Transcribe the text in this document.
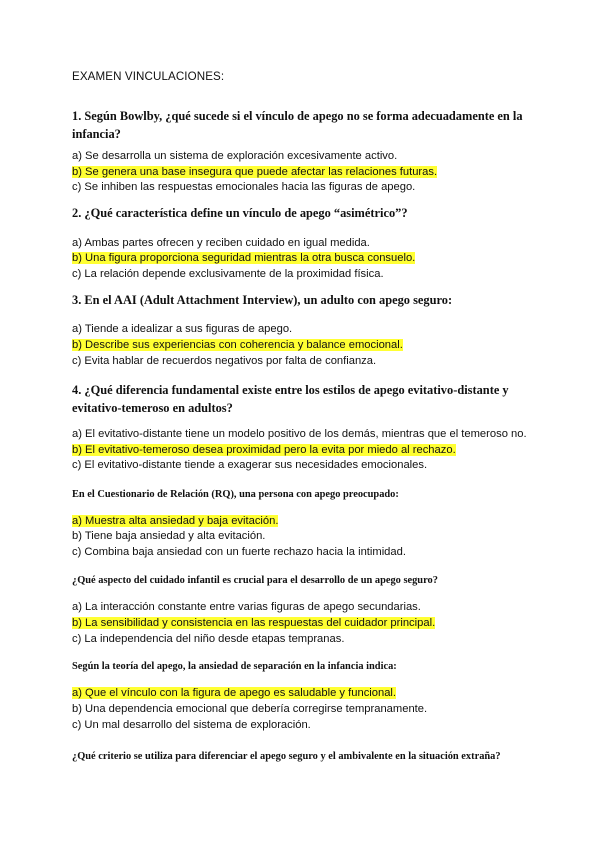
EXAMEN VINCULACIONES:
1. Según Bowlby, ¿qué sucede si el vínculo de apego no se forma adecuadamente en la infancia?
a) Se desarrolla un sistema de exploración excesivamente activo.
b) Se genera una base insegura que puede afectar las relaciones futuras.
c) Se inhiben las respuestas emocionales hacia las figuras de apego.
2. ¿Qué característica define un vínculo de apego “asimétrico”?
a) Ambas partes ofrecen y reciben cuidado en igual medida.
b) Una figura proporciona seguridad mientras la otra busca consuelo.
c) La relación depende exclusivamente de la proximidad física.
3. En el AAI (Adult Attachment Interview), un adulto con apego seguro:
a) Tiende a idealizar a sus figuras de apego.
b) Describe sus experiencias con coherencia y balance emocional.
c) Evita hablar de recuerdos negativos por falta de confianza.
4. ¿Qué diferencia fundamental existe entre los estilos de apego evitativo-distante y evitativo-temeroso en adultos?
a) El evitativo-distante tiene un modelo positivo de los demás, mientras que el temeroso no.
b) El evitativo-temeroso desea proximidad pero la evita por miedo al rechazo.
c) El evitativo-distante tiende a exagerar sus necesidades emocionales.
En el Cuestionario de Relación (RQ), una persona con apego preocupado:
a) Muestra alta ansiedad y baja evitación.
b) Tiene baja ansiedad y alta evitación.
c) Combina baja ansiedad con un fuerte rechazo hacia la intimidad.
¿Qué aspecto del cuidado infantil es crucial para el desarrollo de un apego seguro?
a) La interacción constante entre varias figuras de apego secundarias.
b) La sensibilidad y consistencia en las respuestas del cuidador principal.
c) La independencia del niño desde etapas tempranas.
Según la teoría del apego, la ansiedad de separación en la infancia indica:
a) Que el vínculo con la figura de apego es saludable y funcional.
b) Una dependencia emocional que debería corregirse tempranamente.
c) Un mal desarrollo del sistema de exploración.
¿Qué criterio se utiliza para diferenciar el apego seguro y el ambivalente en la situación extraña?
